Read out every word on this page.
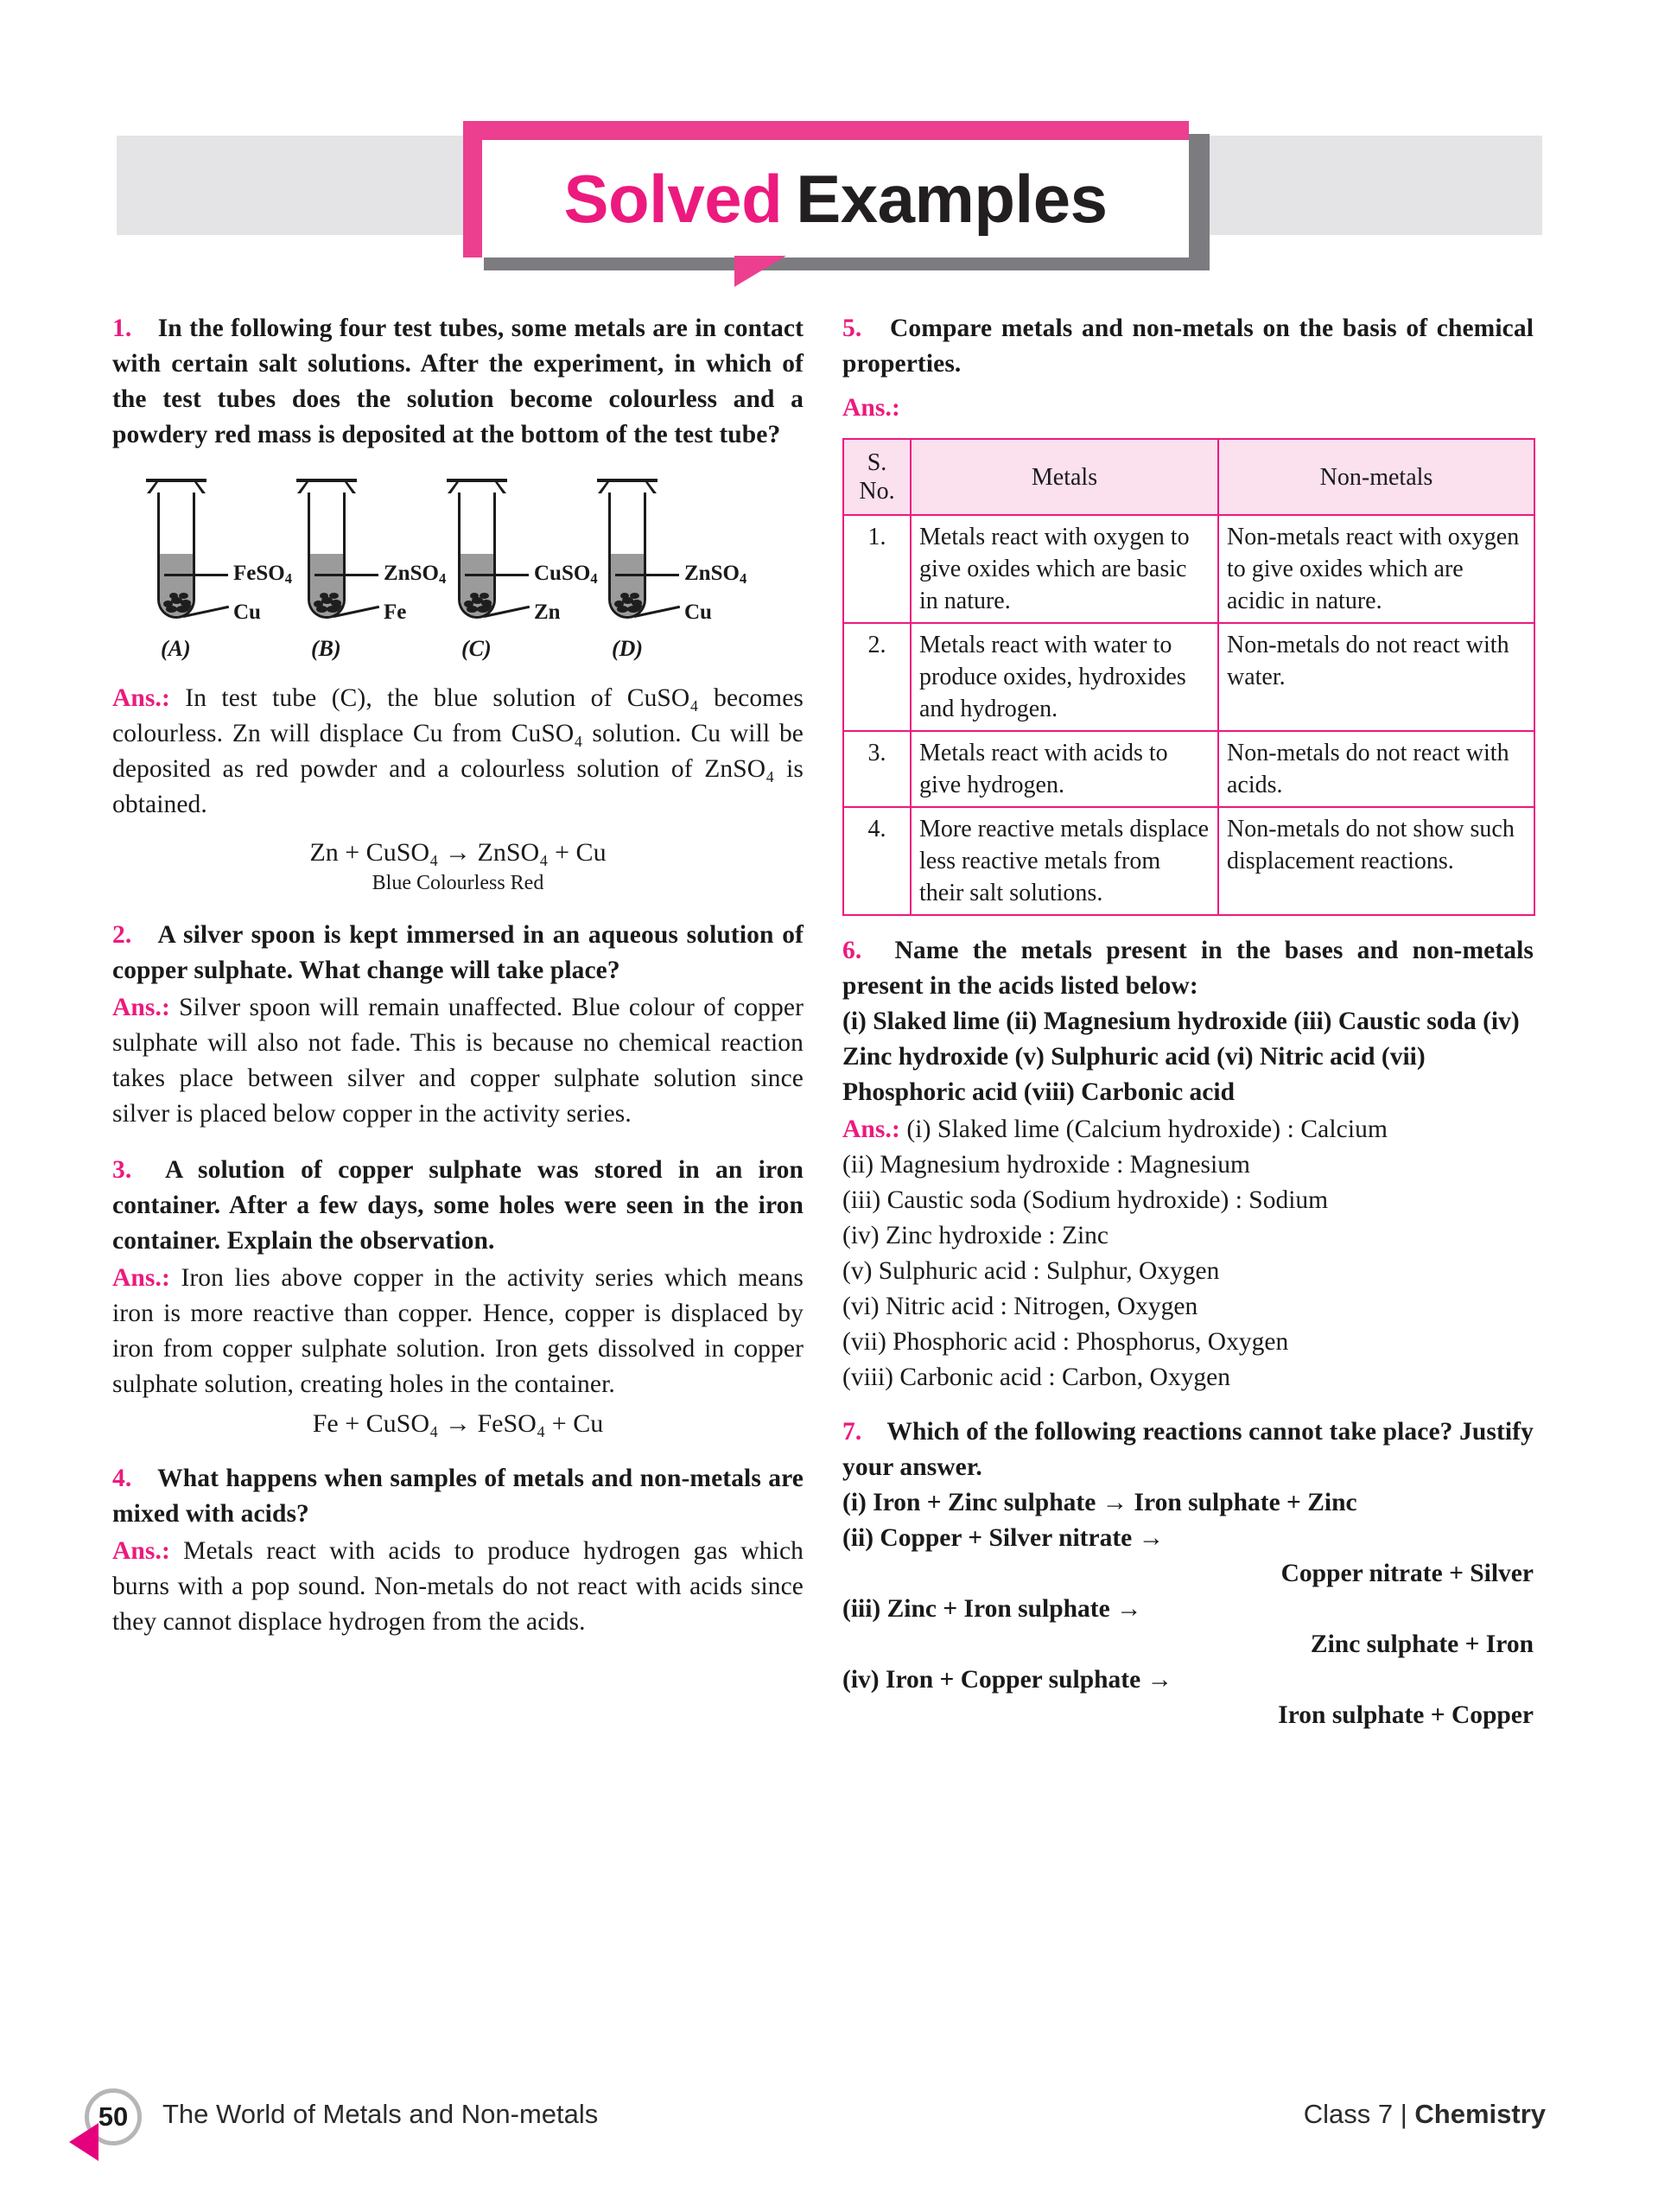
Solved Examples
1. In the following four test tubes, some metals are in contact with certain salt solutions. After the experiment, in which of the test tubes does the solution become colourless and a powdery red mass is deposited at the bottom of the test tube?
FeSO$_4$
Cu
(A)
ZnSO$_4$
Fe
(B)
CuSO$_4$
Zn
(C)
ZnSO$_4$
Cu
(D)
Ans.: In test tube (C), the blue solution of CuSO₄ becomes colourless. Zn will displace Cu from CuSO₄ solution. Cu will be deposited as red powder and a colourless solution of ZnSO₄ is obtained.
Zn + CuSO₄ → ZnSO₄ + Cu
Blue Colourless Red
2. A silver spoon is kept immersed in an aqueous solution of copper sulphate. What change will take place?
Ans.: Silver spoon will remain unaffected. Blue colour of copper sulphate will also not fade. This is because no chemical reaction takes place between silver and copper sulphate solution since silver is placed below copper in the activity series.
3. A solution of copper sulphate was stored in an iron container. After a few days, some holes were seen in the iron container. Explain the observation.
Ans.: Iron lies above copper in the activity series which means iron is more reactive than copper. Hence, copper is displaced by iron from copper sulphate solution. Iron gets dissolved in copper sulphate solution, creating holes in the container.
Fe + CuSO₄ → FeSO₄ + Cu
4. What happens when samples of metals and non-metals are mixed with acids?
Ans.: Metals react with acids to produce hydrogen gas which burns with a pop sound. Non-metals do not react with acids since they cannot displace hydrogen from the acids.
5. Compare metals and non-metals on the basis of chemical properties.
Ans.:
S.
No.	Metals	Non-metals
1.	Metals react with oxygen to give oxides which are basic in nature.	Non-metals react with oxygen to give oxides which are acidic in nature.
2.	Metals react with water to produce oxides, hydroxides and hydrogen.	Non-metals do not react with water.
3.	Metals react with acids to give hydrogen.	Non-metals do not react with acids.
4.	More reactive metals displace less reactive metals from their salt solutions.	Non-metals do not show such displacement reactions.
6. Name the metals present in the bases and non-metals present in the acids listed below:
(i) Slaked lime (ii) Magnesium hydroxide (iii) Caustic soda (iv) Zinc hydroxide (v) Sulphuric acid (vi) Nitric acid (vii) Phosphoric acid (viii) Carbonic acid
Ans.: (i) Slaked lime (Calcium hydroxide) : Calcium
(ii) Magnesium hydroxide : Magnesium
(iii) Caustic soda (Sodium hydroxide) : Sodium
(iv) Zinc hydroxide : Zinc
(v) Sulphuric acid : Sulphur, Oxygen
(vi) Nitric acid : Nitrogen, Oxygen
(vii) Phosphoric acid : Phosphorus, Oxygen
(viii) Carbonic acid : Carbon, Oxygen
7. Which of the following reactions cannot take place? Justify your answer.
(i) Iron + Zinc sulphate → Iron sulphate + Zinc
(ii) Copper + Silver nitrate →
Copper nitrate + Silver
(iii) Zinc + Iron sulphate →
Zinc sulphate + Iron
(iv) Iron + Copper sulphate →
Iron sulphate + Copper
50	The World of Metals and Non-metals	Class 7 | Chemistry
